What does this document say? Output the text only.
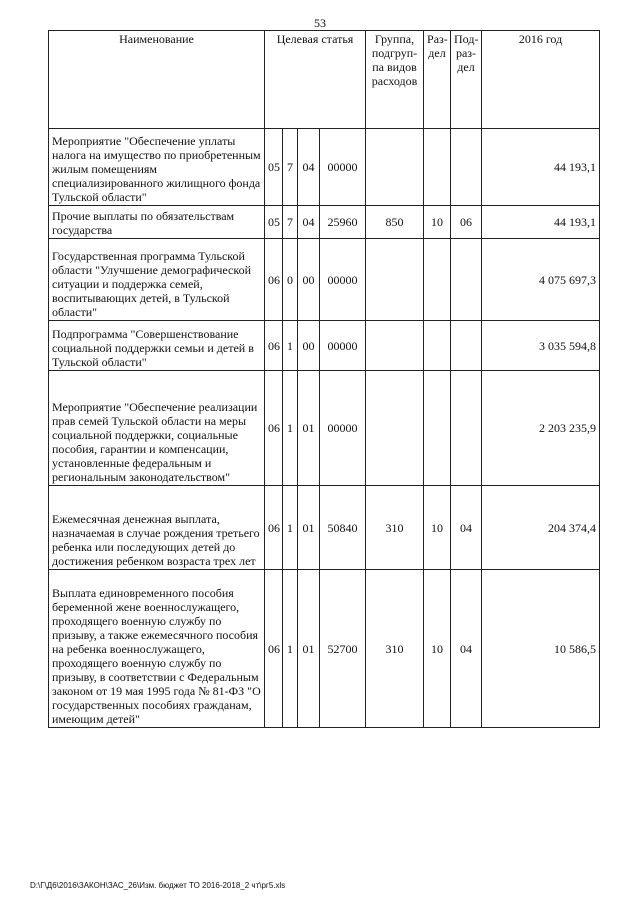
53
Наименование	Целевая статья				Группа, подгруп-па видов расходов	Раз-дел	Под-раз-дел	2016 год
Мероприятие "Обеспечение уплаты налога на имущество по приобретенным жилым помещениям специализированного жилищного фонда Тульской области"	05	7	04	00000				44 193,1
Прочие выплаты по обязательствам государства	05	7	04	25960	850	10	06	44 193,1
Государственная программа Тульской области "Улучшение демографической ситуации и поддержка семей, воспитывающих детей, в Тульской области"	06	0	00	00000				4 075 697,3
Подпрограмма "Совершенствование социальной поддержки семьи и детей в Тульской области"	06	1	00	00000				3 035 594,8
Мероприятие "Обеспечение реализации прав семей Тульской области на меры социальной поддержки, социальные пособия, гарантии и компенсации, установленные федеральным и региональным законодательством"	06	1	01	00000				2 203 235,9
Ежемесячная денежная выплата, назначаемая в случае рождения третьего ребенка или последующих детей до достижения ребенком возраста трех лет	06	1	01	50840	310	10	04	204 374,4
Выплата единовременного пособия беременной жене военнослужащего, проходящего военную службу по призыву, а также ежемесячного пособия на ребенка военнослужащего, проходящего военную службу по призыву, в соответствии с Федеральным законом от 19 мая 1995 года № 81-ФЗ "О государственных пособиях гражданам, имеющим детей"	06	1	01	52700	310	10	04	10 586,5
D:\Г\Д6\2016\ЗАКОН\ЗАС_26\Изм. бюджет ТО 2016-2018_2 чт\рг5.xls
